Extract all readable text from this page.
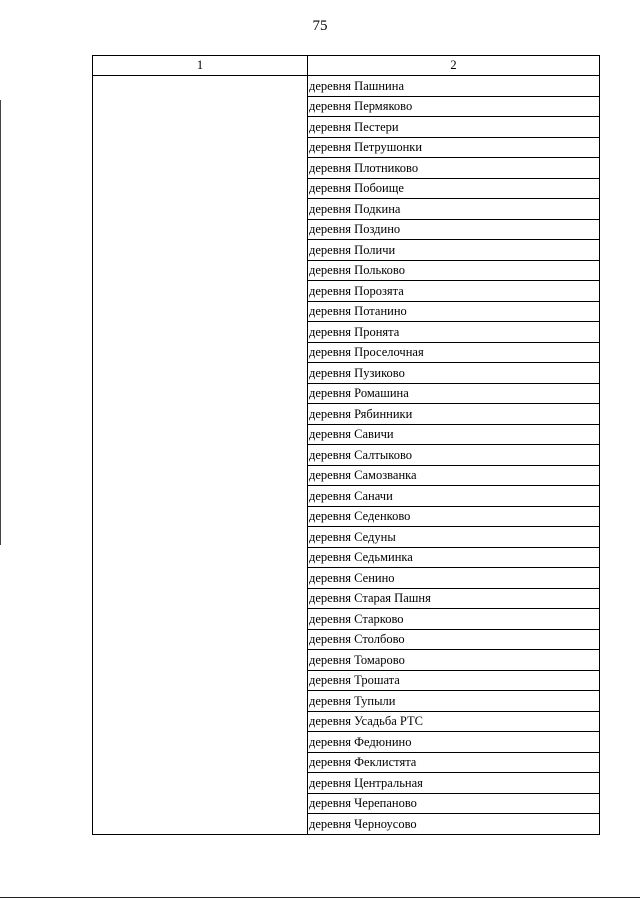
75
1	2
	деревня Пашнина
	деревня Пермяково
	деревня Пестери
	деревня Петрушонки
	деревня Плотниково
	деревня Побоище
	деревня Подкина
	деревня Поздино
	деревня Поличи
	деревня Польково
	деревня Порозята
	деревня Потанино
	деревня Пронята
	деревня Проселочная
	деревня Пузиково
	деревня Ромашина
	деревня Рябинники
	деревня Савичи
	деревня Салтыково
	деревня Самозванка
	деревня Саначи
	деревня Седенково
	деревня Седуны
	деревня Седьминка
	деревня Сенино
	деревня Старая Пашня
	деревня Старково
	деревня Столбово
	деревня Томарово
	деревня Трошата
	деревня Тупыли
	деревня Усадьба РТС
	деревня Федюнино
	деревня Феклистята
	деревня Центральная
	деревня Черепаново
	деревня Черноусово
